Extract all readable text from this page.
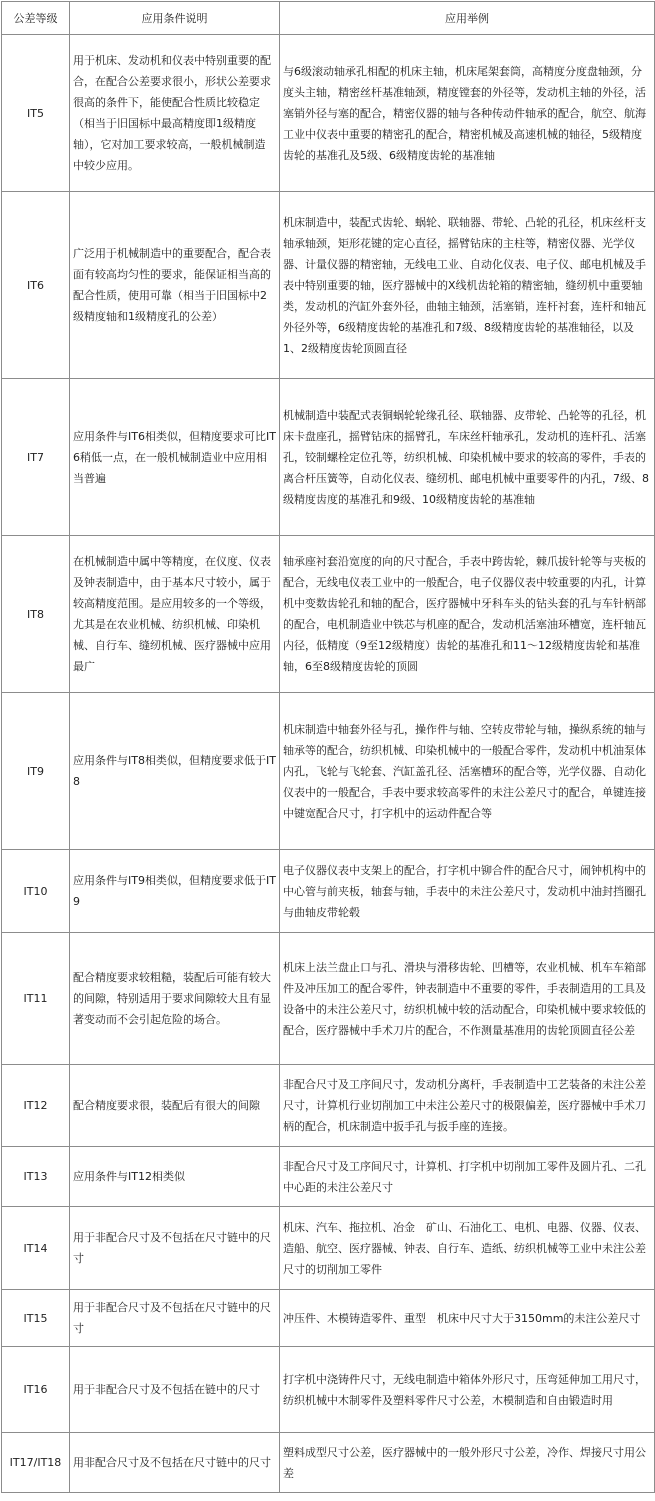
公差等级	应用条件说明	应用举例
IT5	用于机床、发动机和仪表中特别重要的配合，在配合公差要求很小，形状公差要求很高的条件下，能使配合性质比较稳定（相当于旧国标中最高精度即1级精度轴），它对加工要求较高，一般机械制造中较少应用。	与6级滚动轴承孔相配的机床主轴，机床尾架套筒，高精度分度盘轴颈，分度头主轴，精密丝杆基准轴颈，精度镗套的外径等，发动机主轴的外径，活塞销外径与塞的配合，精密仪器的轴与各种传动件轴承的配合，航空、航海工业中仪表中重要的精密孔的配合，精密机械及高速机械的轴径，5级精度齿轮的基准孔及5级、6级精度齿轮的基准轴
IT6	广泛用于机械制造中的重要配合，配合表面有较高均匀性的要求，能保证相当高的配合性质，使用可靠（相当于旧国标中2级精度轴和1级精度孔的公差）	机床制造中，装配式齿轮、蜗轮、联轴器、带轮、凸轮的孔径，机床丝杆支轴承轴颈，矩形花键的定心直径，摇臂钻床的主柱等，精密仪器、光学仪器、计量仪器的精密轴，无线电工业、自动化仪表、电子仪、邮电机械及手表中特别重要的轴，医疗器械中的X线机齿轮箱的精密轴，缝纫机中重要轴类，发动机的汽缸外套外径，曲轴主轴颈，活塞销，连杆衬套，连杆和轴瓦外径外等，6级精度齿轮的基准孔和7级、8级精度齿轮的基准轴径，以及1、2级精度齿轮顶圆直径
IT7	应用条件与IT6相类似，但精度要求可比IT6稍低一点，在一般机械制造业中应用相当普遍	机械制造中装配式表铜蜗轮轮缘孔径、联轴器、皮带轮、凸轮等的孔径，机床卡盘座孔，摇臂钻床的摇臂孔，车床丝杆轴承孔，发动机的连杆孔、活塞孔，铰制螺栓定位孔等，纺织机械、印染机械中要求的较高的零件，手表的离合杆压簧等，自动化仪表、缝纫机、邮电机械中重要零件的内孔，7级、8级精度齿度的基准孔和9级、10级精度齿轮的基准轴
IT8	在机械制造中属中等精度，在仪度、仪表及钟表制造中，由于基本尺寸较小，属于较高精度范围。是应用较多的一个等级，尤其是在农业机械、纺织机械、印染机械、自行车、缝纫机械、医疗器械中应用最广	轴承座衬套沿宽度的向的尺寸配合，手表中跨齿轮，棘爪拔针轮等与夹板的配合，无线电仪表工业中的一般配合，电子仪器仪表中较重要的内孔，计算机中变数齿轮孔和轴的配合，医疗器械中牙科车头的钻头套的孔与车针柄部的配合，电机制造业中铁芯与机座的配合，发动机活塞油环槽宽，连杆轴瓦内径，低精度（9至12级精度）齿轮的基准孔和11～12级精度齿轮和基准轴，6至8级精度齿轮的顶圆
IT9	应用条件与IT8相类似，但精度要求低于IT8	机床制造中轴套外径与孔，操作件与轴、空转皮带轮与轴，操纵系统的轴与轴承等的配合，纺织机械、印染机械中的一般配合零件，发动机中机油泵体内孔，飞轮与飞轮套、汽缸盖孔径、活塞槽环的配合等，光学仪器、自动化仪表中的一般配合，手表中要求较高零件的未注公差尺寸的配合，单键连接中键宽配合尺寸，打字机中的运动件配合等
IT10	应用条件与IT9相类似，但精度要求低于IT9	电子仪器仪表中支架上的配合，打字机中铆合件的配合尺寸，闹钟机构中的中心管与前夹板，轴套与轴，手表中的未注公差尺寸，发动机中油封挡圈孔与曲轴皮带轮毂
IT11	配合精度要求较粗糙，装配后可能有较大的间隙，特别适用于要求间隙较大且有显著变动而不会引起危险的场合。	机床上法兰盘止口与孔、滑块与滑移齿轮、凹槽等，农业机械、机车车箱部件及冲压加工的配合零件，钟表制造中不重要的零件，手表制造用的工具及设备中的未注公差尺寸，纺织机械中较的活动配合，印染机械中要求较低的配合，医疗器械中手术刀片的配合，不作测量基准用的齿轮顶圆直径公差
IT12	配合精度要求很，装配后有很大的间隙	非配合尺寸及工序间尺寸，发动机分离杆，手表制造中工艺装备的未注公差尺寸，计算机行业切削加工中未注公差尺寸的极限偏差，医疗器械中手术刀柄的配合，机床制造中扳手孔与扳手座的连接。
IT13	应用条件与IT12相类似	非配合尺寸及工序间尺寸，计算机、打字机中切削加工零件及圆片孔、二孔中心距的未注公差尺寸
IT14	用于非配合尺寸及不包括在尺寸链中的尺寸	机床、汽车、拖拉机、冶金　矿山、石油化工、电机、电器、仪器、仪表、造船、航空、医疗器械、钟表、自行车、造纸、纺织机械等工业中未注公差尺寸的切削加工零件
IT15	用于非配合尺寸及不包括在尺寸链中的尺寸	冲压件、木模铸造零件、重型　机床中尺寸大于3150mm的未注公差尺寸
IT16	用于非配合尺寸及不包括在链中的尺寸	打字机中浇铸件尺寸，无线电制造中箱体外形尺寸，压弯延伸加工用尺寸，纺织机械中木制零件及塑料零件尺寸公差，木模制造和自由锻造时用
IT17/IT18	用非配合尺寸及不包括在尺寸链中的尺寸	塑料成型尺寸公差，医疗器械中的一般外形尺寸公差，冷作、焊接尺寸用公差
